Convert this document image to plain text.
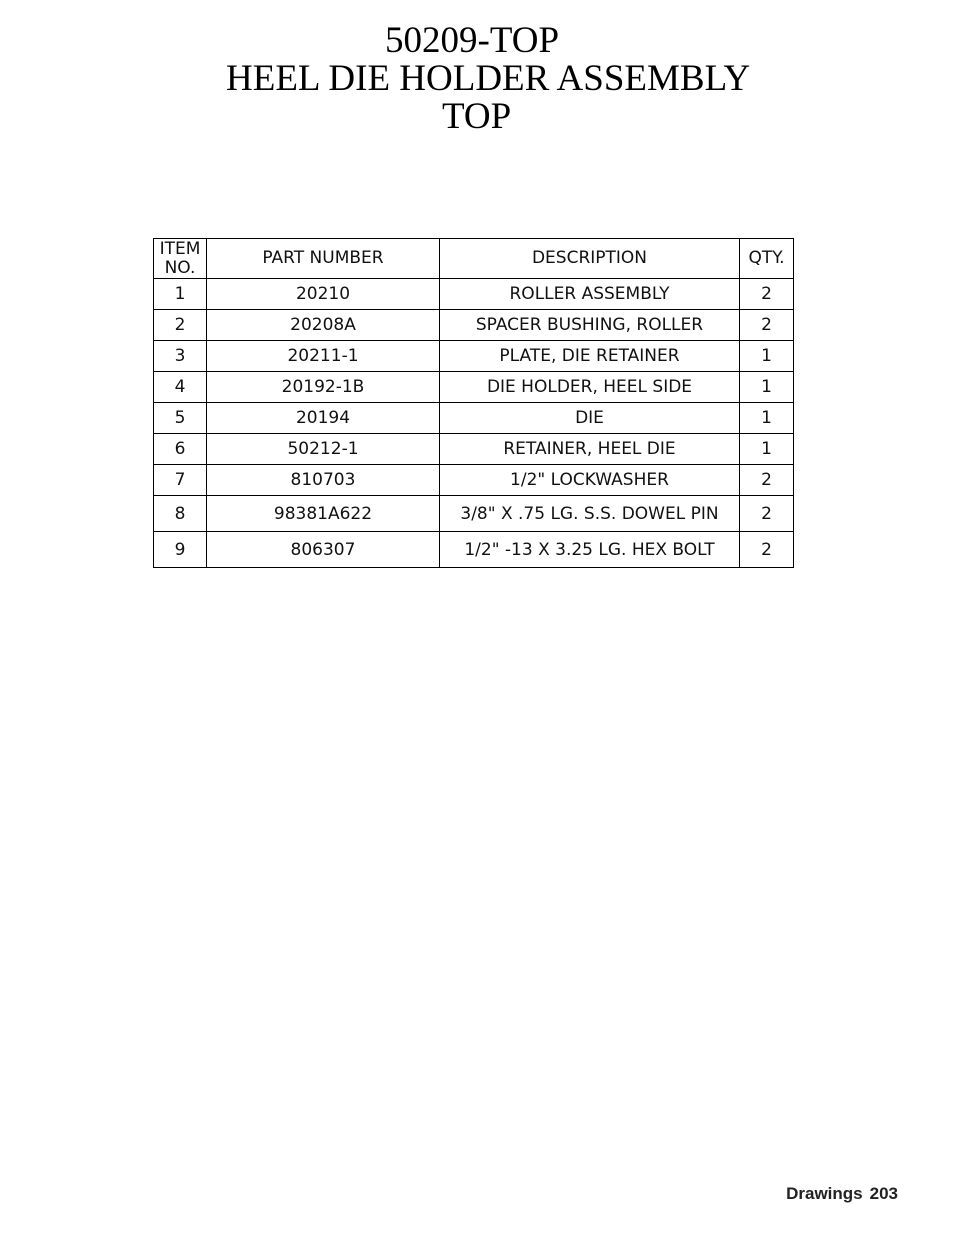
50209-TOP
HEEL DIE HOLDER ASSEMBLY
TOP
ITEM
NO.	PART NUMBER	DESCRIPTION	QTY.
1	20210	ROLLER ASSEMBLY	2
2	20208A	SPACER BUSHING, ROLLER	2
3	20211-1	PLATE, DIE RETAINER	1
4	20192-1B	DIE HOLDER, HEEL SIDE	1
5	20194	DIE	1
6	50212-1	RETAINER, HEEL DIE	1
7	810703	1/2" LOCKWASHER	2
8	98381A622	3/8" X .75 LG. S.S. DOWEL PIN	2
9	806307	1/2" -13 X 3.25 LG. HEX BOLT	2
Drawings 203
